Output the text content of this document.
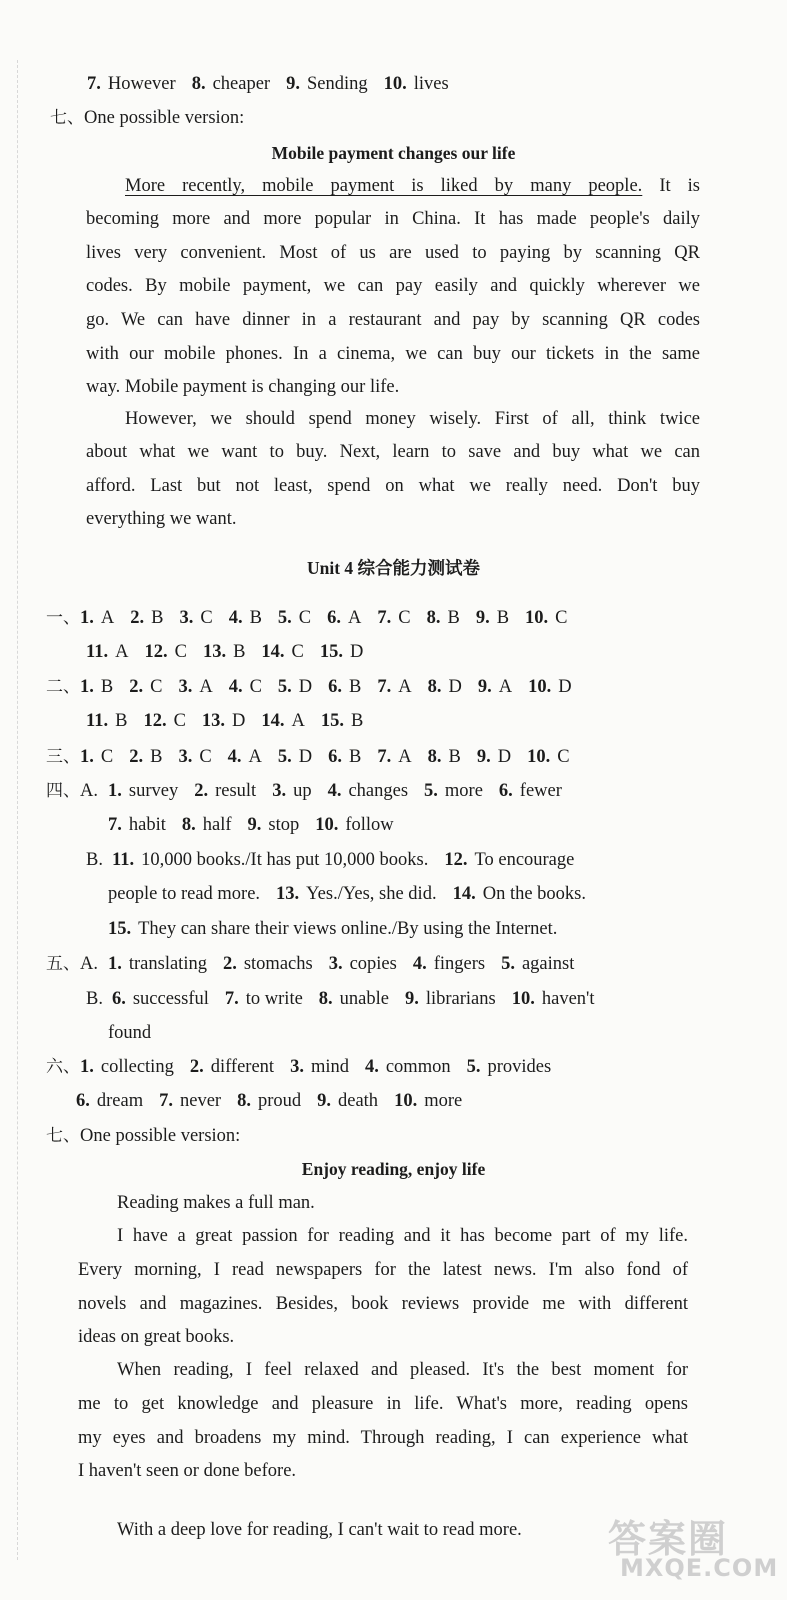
7. However 8. cheaper 9. Sending 10. lives

七、One possible version:

Mobile payment changes our life

More recently, mobile payment is liked by many people. It is

becoming more and more popular in China. It has made people's daily

lives very convenient. Most of us are used to paying by scanning QR

codes. By mobile payment, we can pay easily and quickly wherever we

go. We can have dinner in a restaurant and pay by scanning QR codes

with our mobile phones. In a cinema, we can buy our tickets in the same

way. Mobile payment is changing our life.

However, we should spend money wisely. First of all, think twice

about what we want to buy. Next, learn to save and buy what we can

afford. Last but not least, spend on what we really need. Don't buy

everything we want.

Unit 4 综合能力测试卷

一、1. A 2. B 3. C 4. B 5. C 6. A 7. C 8. B 9. B 10. C

11. A 12. C 13. B 14. C 15. D

二、1. B 2. C 3. A 4. C 5. D 6. B 7. A 8. D 9. A 10. D

11. B 12. C 13. D 14. A 15. B

三、1. C 2. B 3. C 4. A 5. D 6. B 7. A 8. B 9. D 10. C

四、A. 1. survey 2. result 3. up 4. changes 5. more 6. fewer

7. habit 8. half 9. stop 10. follow

B. 11. 10,000 books./It has put 10,000 books. 12. To encourage

people to read more. 13. Yes./Yes, she did. 14. On the books.

15. They can share their views online./By using the Internet.

五、A. 1. translating 2. stomachs 3. copies 4. fingers 5. against

B. 6. successful 7. to write 8. unable 9. librarians 10. haven't

found

六、1. collecting 2. different 3. mind 4. common 5. provides

6. dream 7. never 8. proud 9. death 10. more

七、One possible version:

Enjoy reading, enjoy life

Reading makes a full man.

I have a great passion for reading and it has become part of my life.

Every morning, I read newspapers for the latest news. I'm also fond of

novels and magazines. Besides, book reviews provide me with different

ideas on great books.

When reading, I feel relaxed and pleased. It's the best moment for

me to get knowledge and pleasure in life. What's more, reading opens

my eyes and broadens my mind. Through reading, I can experience what

I haven't seen or done before.

With a deep love for reading, I can't wait to read more.	答案圈
MXQE.COM
